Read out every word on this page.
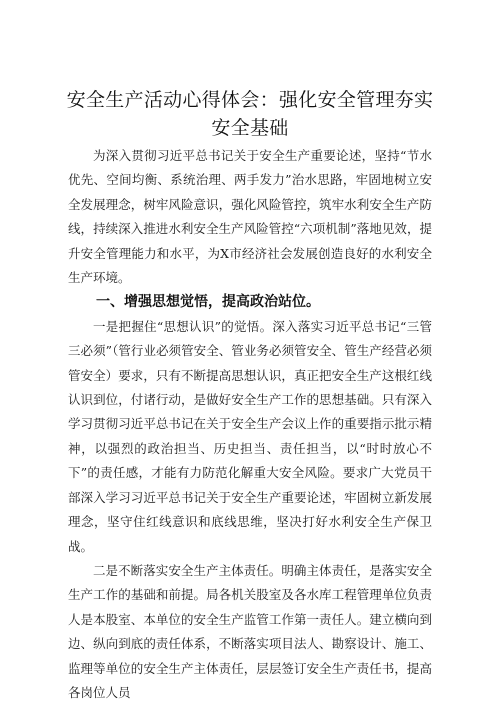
安全生产活动心得体会：强化安全管理夯实
安全基础

为深入贯彻习近平总书记关于安全生产重要论述，坚持“节水优先、空间均衡、系统治理、两手发力”治水思路，牢固地树立安全发展理念，树牢风险意识，强化风险管控，筑牢水利安全生产防线，持续深入推进水利安全生产风险管控“六项机制”落地见效，提升安全管理能力和水平，为X市经济社会发展创造良好的水利安全生产环境。

一、增强思想觉悟，提高政治站位。

一是把握住“思想认识”的觉悟。深入落实习近平总书记“三管三必须”（管行业必须管安全、管业务必须管安全、管生产经营必须管安全）要求，只有不断提高思想认识，真正把安全生产这根红线认识到位，付诸行动，是做好安全生产工作的思想基础。只有深入学习贯彻习近平总书记在关于安全生产会议上作的重要指示批示精神，以强烈的政治担当、历史担当、责任担当，以“时时放心不下”的责任感，才能有力防范化解重大安全风险。要求广大党员干部深入学习习近平总书记关于安全生产重要论述，牢固树立新发展理念，坚守住红线意识和底线思维，坚决打好水利安全生产保卫战。

二是不断落实安全生产主体责任。明确主体责任，是落实安全生产工作的基础和前提。局各机关股室及各水库工程管理单位负责人是本股室、本单位的安全生产监管工作第一责任人。建立横向到边、纵向到底的责任体系，不断落实项目法人、勘察设计、施工、监理等单位的安全生产主体责任，层层签订安全生产责任书，提高各岗位人员
